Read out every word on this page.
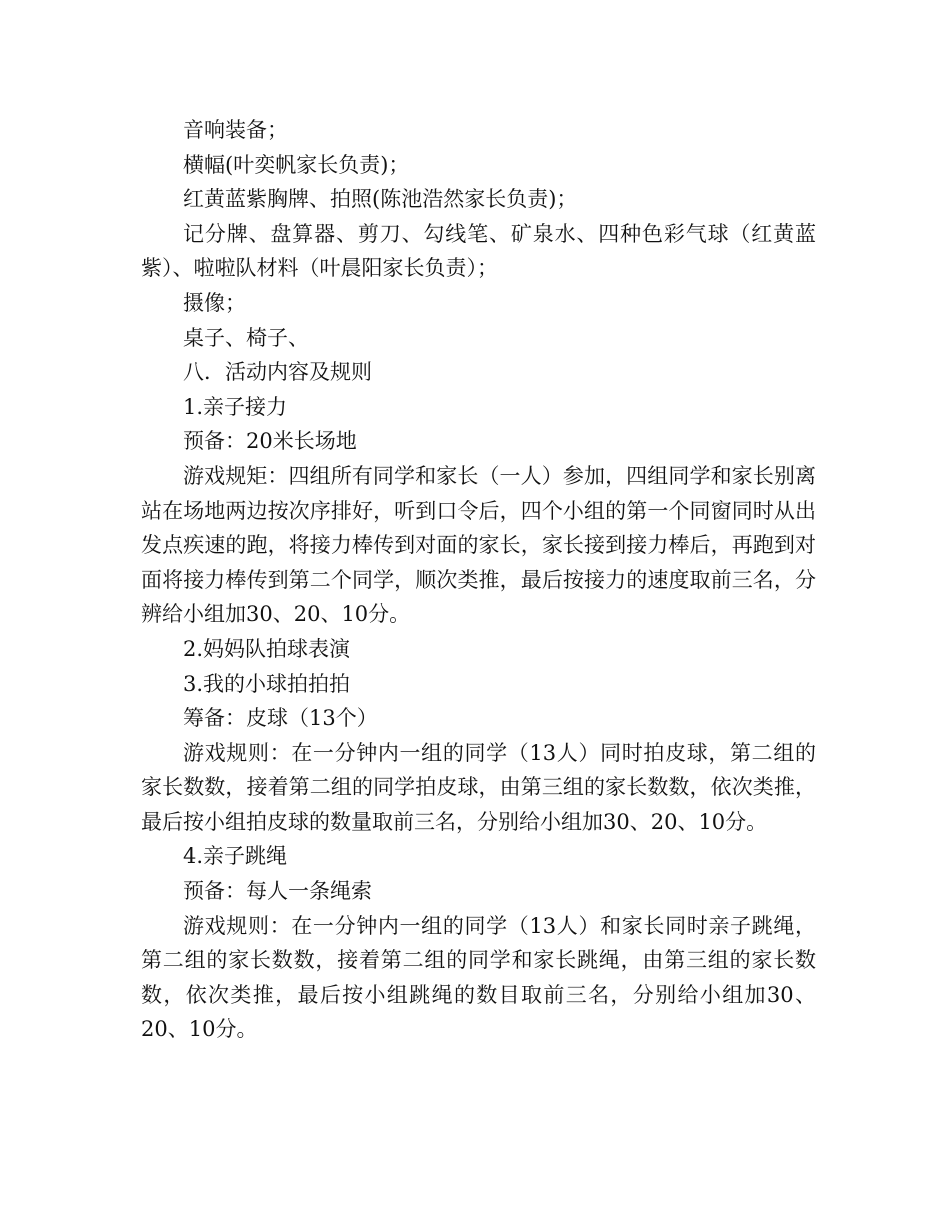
音响装备；

横幅(叶奕帆家长负责)；

红黄蓝紫胸牌、拍照(陈池浩然家长负责)；

记分牌、盘算器、剪刀、勾线笔、矿泉水、四种色彩气球（红黄蓝紫）、啦啦队材料（叶晨阳家长负责）；

摄像；

桌子、椅子、

八．活动内容及规则

1.亲子接力

预备：20米长场地

游戏规矩：四组所有同学和家长（一人）参加，四组同学和家长别离站在场地两边按次序排好，听到口令后，四个小组的第一个同窗同时从出发点疾速的跑，将接力棒传到对面的家长，家长接到接力棒后，再跑到对面将接力棒传到第二个同学，顺次类推，最后按接力的速度取前三名，分辨给小组加30、20、10分。

2.妈妈队拍球表演

3.我的小球拍拍拍

筹备：皮球（13个）

游戏规则：在一分钟内一组的同学（13人）同时拍皮球，第二组的家长数数，接着第二组的同学拍皮球，由第三组的家长数数，依次类推，最后按小组拍皮球的数量取前三名，分别给小组加30、20、10分。

4.亲子跳绳

预备：每人一条绳索

游戏规则：在一分钟内一组的同学（13人）和家长同时亲子跳绳，第二组的家长数数，接着第二组的同学和家长跳绳，由第三组的家长数数，依次类推，最后按小组跳绳的数目取前三名，分别给小组加30、20、10分。
